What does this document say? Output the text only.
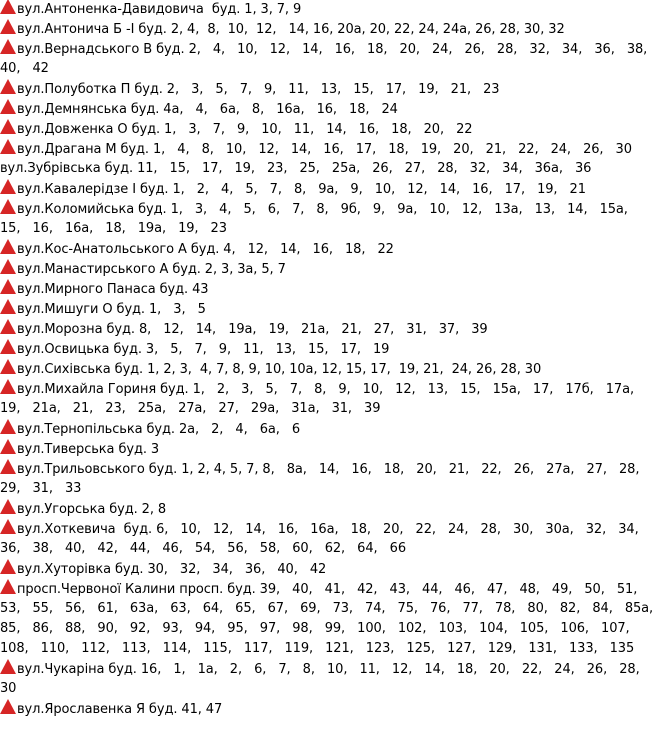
вул.Антоненка-Давидовича  буд. 1, 3, 7, 9
вул.Антонича Б -І буд. 2, 4,  8,  10,  12,   14, 16, 20а, 20, 22, 24, 24а, 26, 28, 30, 32
вул.Вернадського В буд. 2,   4,   10,   12,   14,   16,   18,   20,   24,   26,   28,   32,   34,   36,   38,
40,   42
вул.Полуботка П буд. 2,   3,   5,   7,   9,   11,   13,   15,   17,   19,   21,   23
вул.Демнянська буд. 4а,   4,   6а,   8,   16а,   16,   18,   24
вул.Довженка О буд. 1,   3,   7,   9,   10,   11,   14,   16,   18,   20,   22
вул.Драгана М буд. 1,   4,   8,   10,   12,   14,   16,   17,   18,   19,   20,   21,   22,   24,   26,   30
вул.Зубрівська буд. 11,   15,   17,   19,   23,   25,   25а,   26,   27,   28,   32,   34,   36а,   36
вул.Кавалерідзе І буд. 1,   2,   4,   5,   7,   8,   9а,   9,   10,   12,   14,   16,   17,   19,   21
вул.Коломийська буд. 1,   3,   4,   5,   6,   7,   8,   9б,   9,   9а,   10,   12,   13а,   13,   14,   15а,
15,   16,   16а,   18,   19а,   19,   23
вул.Кос-Анатольського А буд. 4,   12,   14,   16,   18,   22
вул.Манастирського А буд. 2, 3, 3а, 5, 7
вул.Мирного Панаса буд. 43
вул.Мишуги О буд. 1,   3,   5
вул.Морозна буд. 8,   12,   14,   19а,   19,   21а,   21,   27,   31,   37,   39
вул.Освицька буд. 3,   5,   7,   9,   11,   13,   15,   17,   19
вул.Сихівська буд. 1, 2, 3,  4, 7, 8, 9, 10, 10а, 12, 15, 17,  19, 21,  24, 26, 28, 30
вул.Михайла Гориня буд. 1,   2,   3,   5,   7,   8,   9,   10,   12,   13,   15,   15а,   17,   17б,   17а,
19,   21а,   21,   23,   25а,   27а,   27,   29а,   31а,   31,   39
вул.Тернопільська буд. 2а,   2,   4,   6а,   6
вул.Тиверська буд. 3
вул.Трильовського буд. 1, 2, 4, 5, 7, 8,   8а,   14,   16,   18,   20,   21,   22,   26,   27а,   27,   28,
29,   31,   33
вул.Угорська буд. 2, 8
вул.Хоткевича  буд. 6,   10,   12,   14,   16,   16а,   18,   20,   22,   24,   28,   30,   30а,   32,   34,
36,   38,   40,   42,   44,   46,   54,   56,   58,   60,   62,   64,   66
вул.Хуторівка буд. 30,   32,   34,   36,   40,   42
просп.Червоної Калини просп. буд. 39,   40,   41,   42,   43,   44,   46,   47,   48,   49,   50,   51,
53,   55,   56,   61,   63а,   63,   64,   65,   67,   69,   73,   74,   75,   76,   77,   78,   80,   82,   84,   85а,
85,   86,   88,   90,   92,   93,   94,   95,   97,   98,   99,   100,   102,   103,   104,   105,   106,   107,
108,   110,   112,   113,   114,   115,   117,   119,   121,   123,   125,   127,   129,   131,   133,   135
вул.Чукаріна буд. 16,   1,   1а,   2,   6,   7,   8,   10,   11,   12,   14,   18,   20,   22,   24,   26,   28,
30
вул.Ярославенка Я буд. 41, 47
